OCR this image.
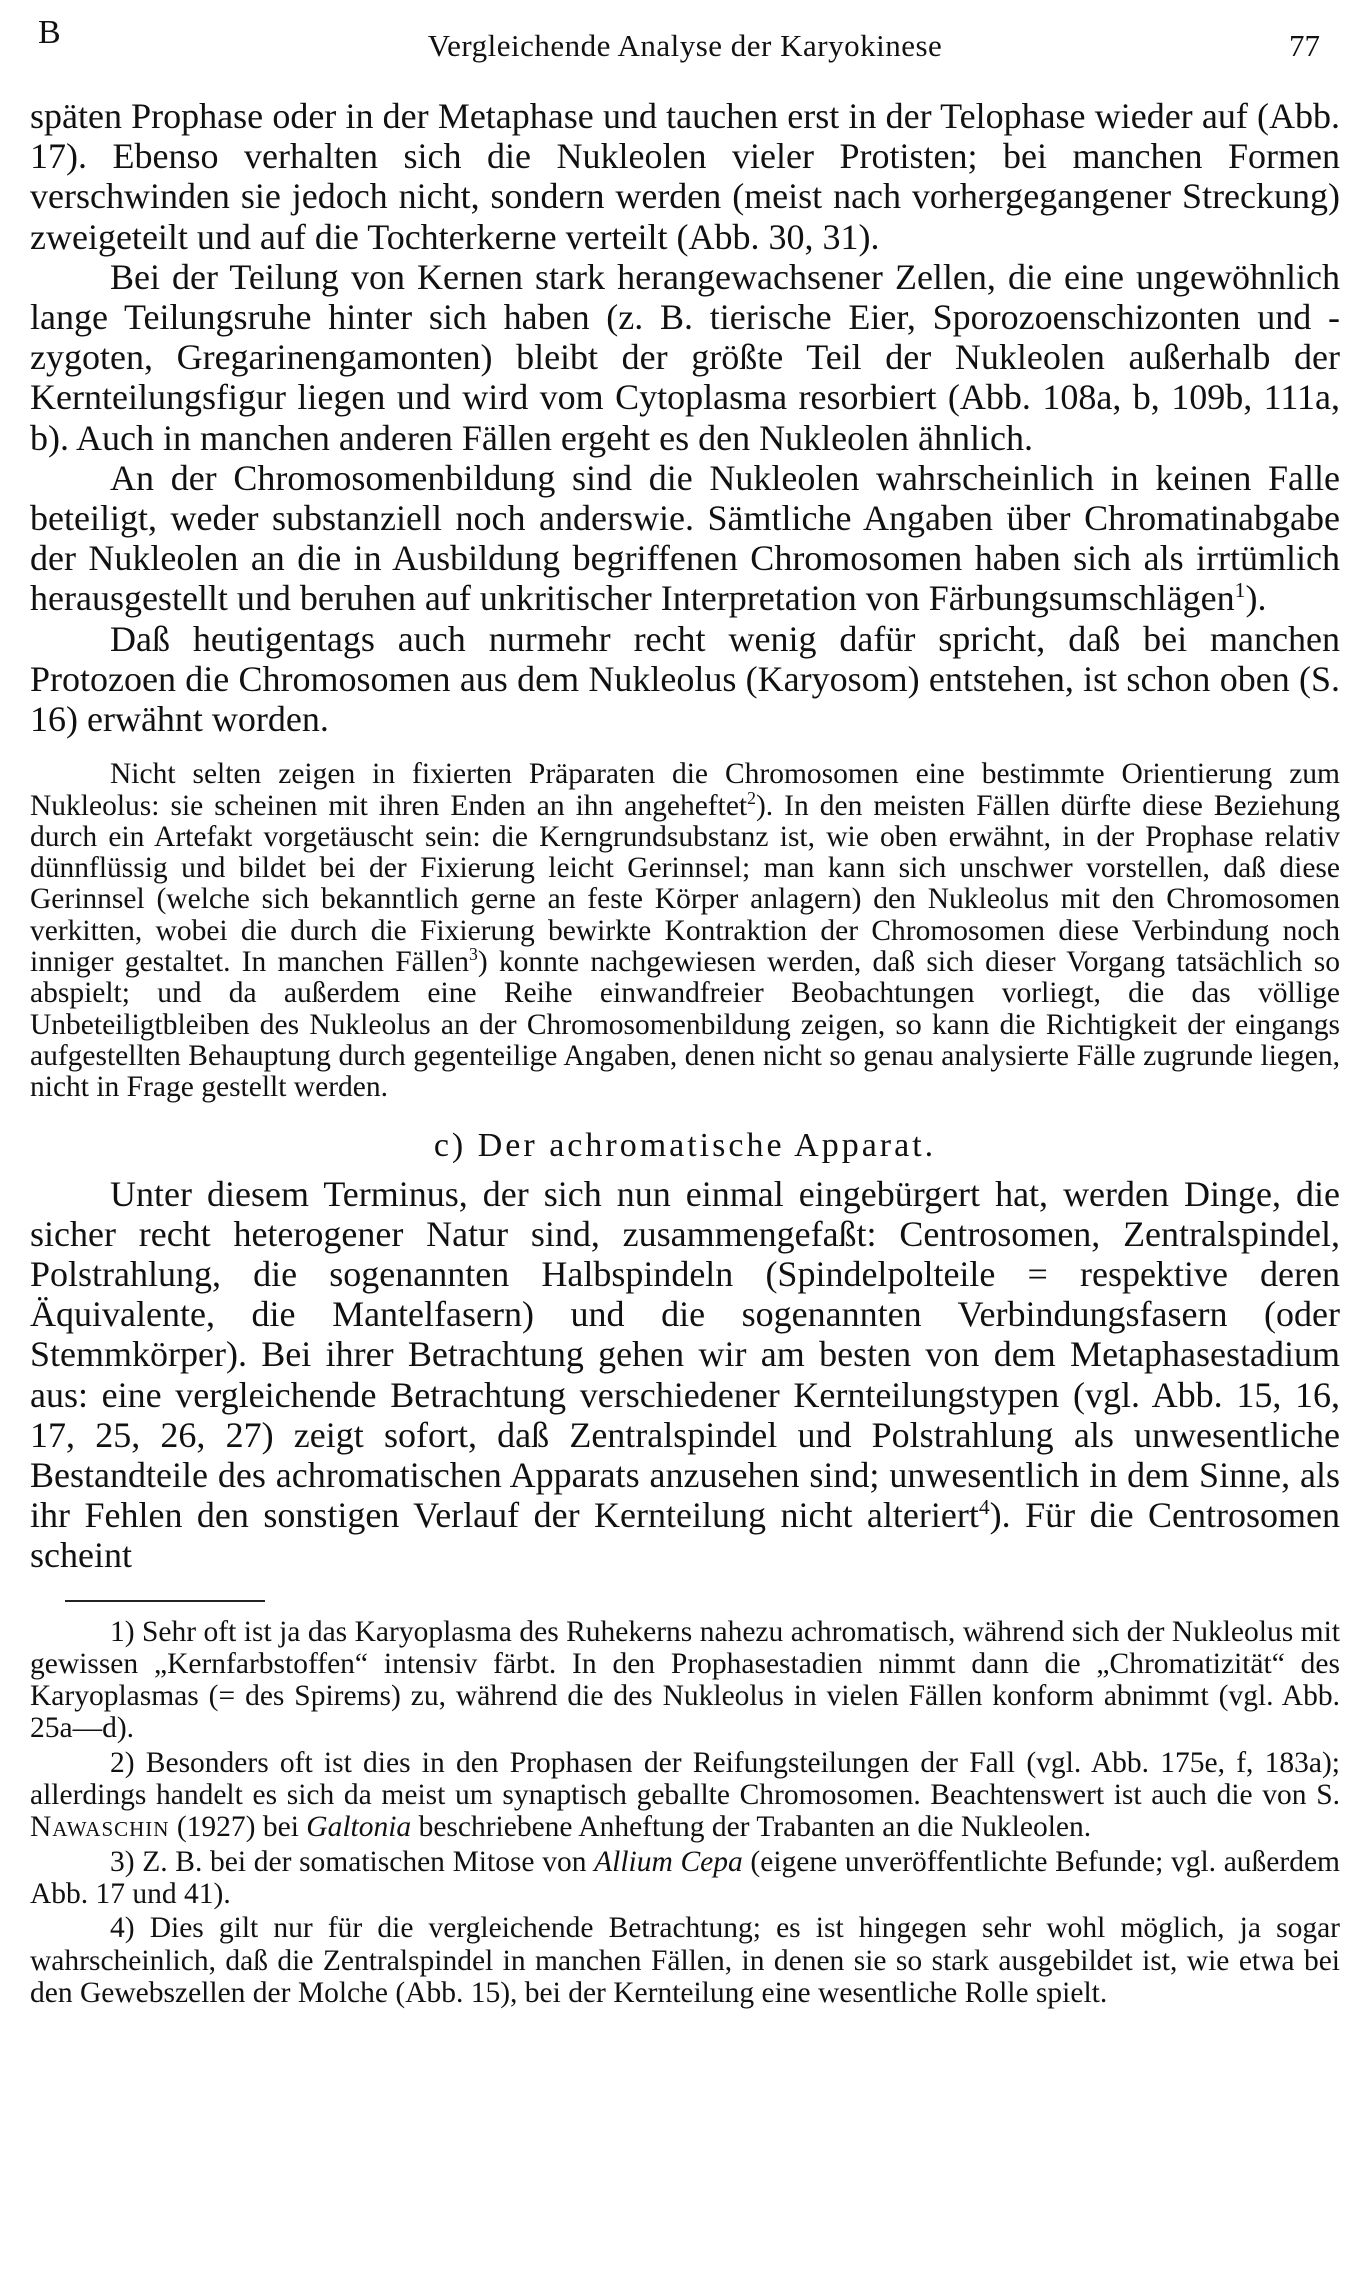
B	Vergleichende Analyse der Karyokinese	77

späten Prophase oder in der Metaphase und tauchen erst in der Telophase wieder auf (Abb. 17). Ebenso verhalten sich die Nukleolen vieler Protisten; bei manchen Formen verschwinden sie jedoch nicht, sondern werden (meist nach vorhergegangener Streckung) zweigeteilt und auf die Tochterkerne verteilt (Abb. 30, 31).

Bei der Teilung von Kernen stark herangewachsener Zellen, die eine ungewöhnlich lange Teilungsruhe hinter sich haben (z. B. tierische Eier, Sporozoenschizonten und -zygoten, Gregarinengamonten) bleibt der größte Teil der Nukleolen außerhalb der Kernteilungsfigur liegen und wird vom Cytoplasma resorbiert (Abb. 108a, b, 109b, 111a, b). Auch in manchen anderen Fällen ergeht es den Nukleolen ähnlich.

An der Chromosomenbildung sind die Nukleolen wahrscheinlich in keinen Falle beteiligt, weder substanziell noch anderswie. Sämtliche Angaben über Chromatinabgabe der Nukleolen an die in Ausbildung begriffenen Chromosomen haben sich als irrtümlich herausgestellt und beruhen auf unkritischer Interpretation von Färbungsumschlägen$^1$).

Daß heutigentags auch nurmehr recht wenig dafür spricht, daß bei manchen Protozoen die Chromosomen aus dem Nukleolus (Karyosom) entstehen, ist schon oben (S. 16) erwähnt worden.

Nicht selten zeigen in fixierten Präparaten die Chromosomen eine bestimmte Orientierung zum Nukleolus: sie scheinen mit ihren Enden an ihn angeheftet$^2$). In den meisten Fällen dürfte diese Beziehung durch ein Artefakt vorgetäuscht sein: die Kerngrundsubstanz ist, wie oben erwähnt, in der Prophase relativ dünnflüssig und bildet bei der Fixierung leicht Gerinnsel; man kann sich unschwer vorstellen, daß diese Gerinnsel (welche sich bekanntlich gerne an feste Körper anlagern) den Nukleolus mit den Chromosomen verkitten, wobei die durch die Fixierung bewirkte Kontraktion der Chromosomen diese Verbindung noch inniger gestaltet. In manchen Fällen$^3$) konnte nachgewiesen werden, daß sich dieser Vorgang tatsächlich so abspielt; und da außerdem eine Reihe einwandfreier Beobachtungen vorliegt, die das völlige Unbeteiligtbleiben des Nukleolus an der Chromosomenbildung zeigen, so kann die Richtigkeit der eingangs aufgestellten Behauptung durch gegenteilige Angaben, denen nicht so genau analysierte Fälle zugrunde liegen, nicht in Frage gestellt werden.

c) Der achromatische Apparat.

Unter diesem Terminus, der sich nun einmal eingebürgert hat, werden Dinge, die sicher recht heterogener Natur sind, zusammengefaßt: Centrosomen, Zentralspindel, Polstrahlung, die sogenannten Halbspindeln (Spindelpolteile = respektive deren Äquivalente, die Mantelfasern) und die sogenannten Verbindungsfasern (oder Stemmkörper). Bei ihrer Betrachtung gehen wir am besten von dem Metaphasestadium aus: eine vergleichende Betrachtung verschiedener Kernteilungstypen (vgl. Abb. 15, 16, 17, 25, 26, 27) zeigt sofort, daß Zentralspindel und Polstrahlung als unwesentliche Bestandteile des achromatischen Apparats anzusehen sind; unwesentlich in dem Sinne, als ihr Fehlen den sonstigen Verlauf der Kernteilung nicht alteriert$^4$). Für die Centrosomen scheint

1) Sehr oft ist ja das Karyoplasma des Ruhekerns nahezu achromatisch, während sich der Nukleolus mit gewissen „Kernfarbstoffen“ intensiv färbt. In den Prophasestadien nimmt dann die „Chromatizität“ des Karyoplasmas (= des Spirems) zu, während die des Nukleolus in vielen Fällen konform abnimmt (vgl. Abb. 25a—d).

2) Besonders oft ist dies in den Prophasen der Reifungsteilungen der Fall (vgl. Abb. 175e, f, 183a); allerdings handelt es sich da meist um synaptisch geballte Chromosomen. Beachtenswert ist auch die von S. Nawaschin (1927) bei Galtonia beschriebene Anheftung der Trabanten an die Nukleolen.

3) Z. B. bei der somatischen Mitose von Allium Cepa (eigene unveröffentlichte Befunde; vgl. außerdem Abb. 17 und 41).

4) Dies gilt nur für die vergleichende Betrachtung; es ist hingegen sehr wohl möglich, ja sogar wahrscheinlich, daß die Zentralspindel in manchen Fällen, in denen sie so stark ausgebildet ist, wie etwa bei den Gewebszellen der Molche (Abb. 15), bei der Kernteilung eine wesentliche Rolle spielt.
